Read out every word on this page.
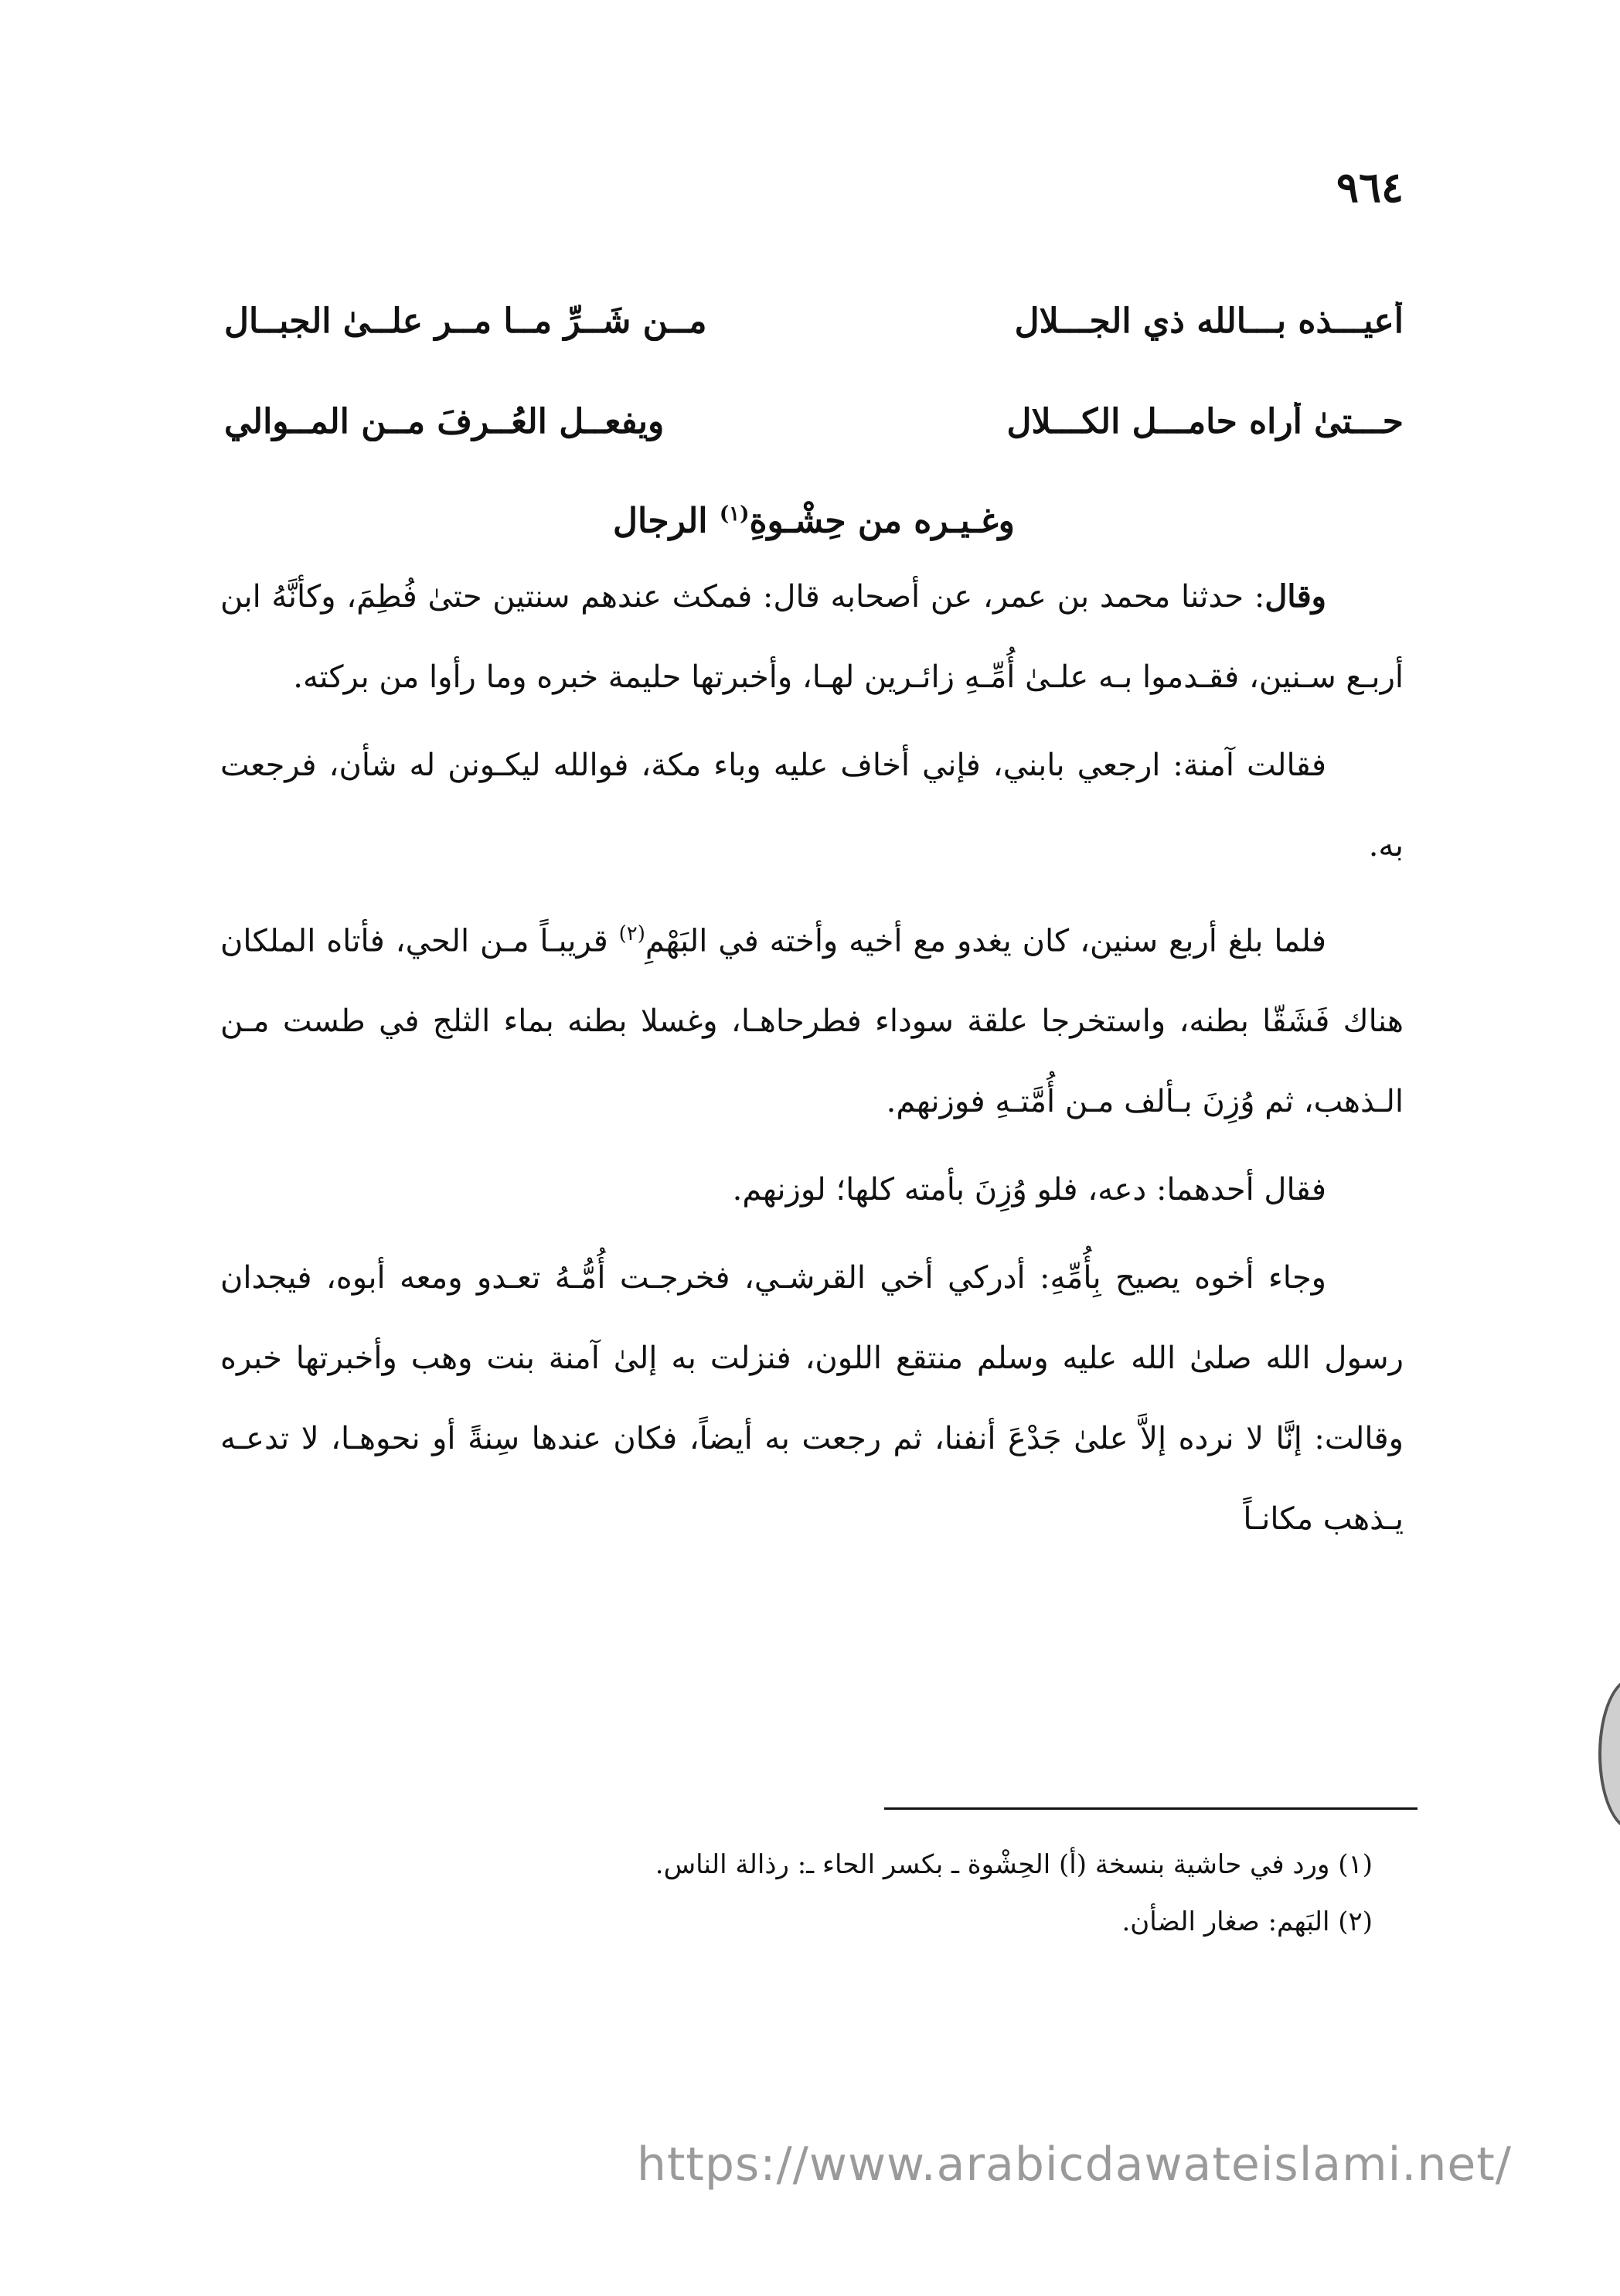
٩٦٤
أعيـــذه بـــالله ذي الجـــلال
مــن شَــرِّ مــا مــر علــىٰ الجبــال
حـــتىٰ أراه حامـــل الكـــلال
ويفعــل العُــرفَ مــن المــوالي
وغـيـره من حِشْـوةِ$^{(١)}$ الرجال

وقال: حدثنا محمد بن عمر، عن أصحابه قال: فمكث عندهم سنتين حتىٰ فُطِمَ، وكأنَّهُ ابن أربـع سـنين، فقـدموا بـه علـىٰ أُمِّـهِ زائـرين لهـا، وأخبرتها حليمة خبره وما رأوا من بركته.

فقالت آمنة: ارجعي بابني، فإني أخاف عليه وباء مكة، فوالله ليكـونن له شأن، فرجعت به.

فلما بلغ أربع سنين، كان يغدو مع أخيه وأخته في البَهْمِ$^{(٢)}$ قريبـاً مـن الحي، فأتاه الملكان هناك فَشَقّا بطنه، واستخرجا علقة سوداء فطرحاهـا، وغسلا بطنه بماء الثلج في طست مـن الـذهب، ثم وُزِنَ بـألف مـن أُمَّتـهِ فوزنهم.

فقال أحدهما: دعه، فلو وُزِنَ بأمته كلها؛ لوزنهم.

وجاء أخوه يصيح بِأُمِّهِ: أدركي أخي القرشـي، فخرجـت أُمُّـهُ تعـدو ومعه أبوه، فيجدان رسول الله صلىٰ الله عليه وسلم منتقع اللون، فنزلت به إلىٰ آمنة بنت وهب وأخبرتها خبره وقالت: إنَّا لا نرده إلاَّ علىٰ جَدْعَ أنفنا، ثم رجعت به أيضاً، فكان عندها سِنةً أو نحوهـا، لا تدعـه يـذهب مكانـاً

(١) ورد في حاشية بنسخة (أ) الحِشْوة ـ بكسر الحاء ـ: رذالة الناس.
(٢) البَهم: صغار الضأن.
https://www.arabicdawateislami.net/
